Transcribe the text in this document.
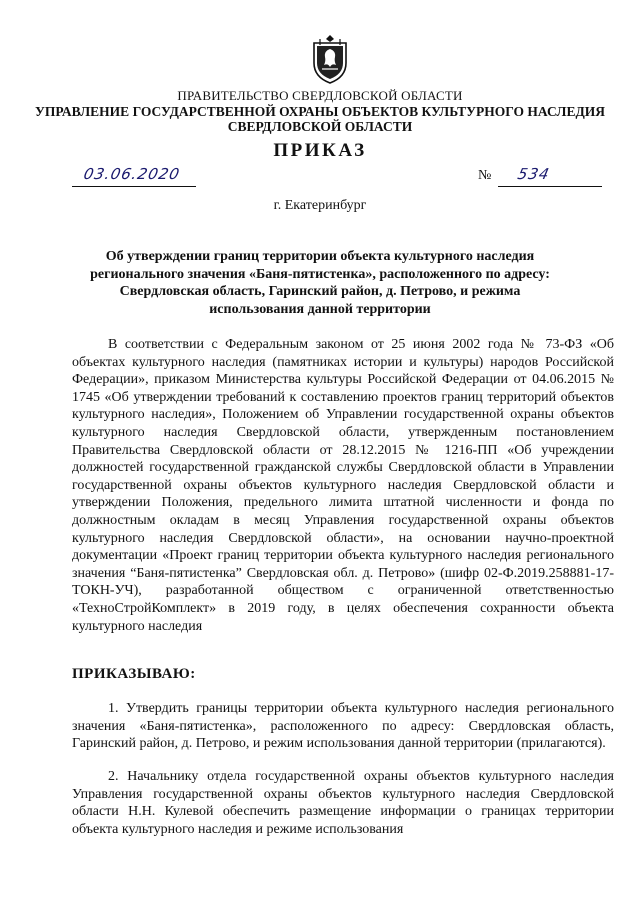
ПРАВИТЕЛЬСТВО СВЕРДЛОВСКОЙ ОБЛАСТИ
УПРАВЛЕНИЕ ГОСУДАРСТВЕННОЙ ОХРАНЫ ОБЪЕКТОВ КУЛЬТУРНОГО НАСЛЕДИЯ
СВЕРДЛОВСКОЙ ОБЛАСТИ
ПРИКАЗ
03.06.2020	№ 534
г. Екатеринбург
Об утверждении границ территории объекта культурного наследия
регионального значения «Баня-пятистенка», расположенного по адресу:
Свердловская область, Гаринский район, д. Петрово, и режима
использования данной территории
В соответствии с Федеральным законом от 25 июня 2002 года № 73-ФЗ «Об объектах культурного наследия (памятниках истории и культуры) народов Российской Федерации», приказом Министерства культуры Российской Федерации от 04.06.2015 № 1745 «Об утверждении требований к составлению проектов границ территорий объектов культурного наследия», Положением об Управлении государственной охраны объектов культурного наследия Свердловской области, утвержденным постановлением Правительства Свердловской области от 28.12.2015 № 1216-ПП «Об учреждении должностей государственной гражданской службы Свердловской области в Управлении государственной охраны объектов культурного наследия Свердловской области и утверждении Положения, предельного лимита штатной численности и фонда по должностным окладам в месяц Управления государственной охраны объектов культурного наследия Свердловской области», на основании научно-проектной документации «Проект границ территории объекта культурного наследия регионального значения “Баня-пятистенка” Свердловская обл. д. Петрово» (шифр 02-Ф.2019.258881-17-ТОКН-УЧ), разработанной обществом с ограниченной ответственностью «ТехноСтройКомплект» в 2019 году, в целях обеспечения сохранности объекта культурного наследия
ПРИКАЗЫВАЮ:
1. Утвердить границы территории объекта культурного наследия регионального значения «Баня-пятистенка», расположенного по адресу: Свердловская область, Гаринский район, д. Петрово, и режим использования данной территории (прилагаются).
2. Начальнику отдела государственной охраны объектов культурного наследия Управления государственной охраны объектов культурного наследия Свердловской области Н.Н. Кулевой обеспечить размещение информации о границах территории объекта культурного наследия и режиме использования
